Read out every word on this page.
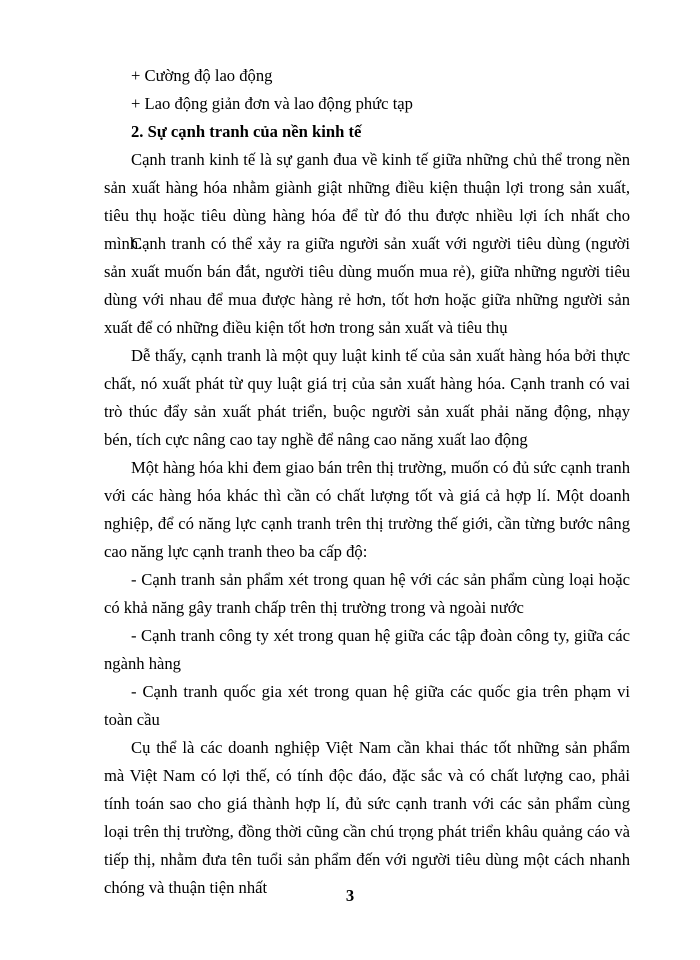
+ Cường độ lao động
+ Lao động giản đơn và lao động phức tạp
2. Sự cạnh tranh của nền kinh tế

Cạnh tranh kinh tế là sự ganh đua về kinh tế giữa những chủ thể trong nền sản xuất hàng hóa nhằm giành giật những điều kiện thuận lợi trong sản xuất, tiêu thụ hoặc tiêu dùng hàng hóa để từ đó thu được nhiều lợi ích nhất cho mình.

Cạnh tranh có thể xảy ra giữa người sản xuất với người tiêu dùng (người sản xuất muốn bán đắt, người tiêu dùng muốn mua rẻ), giữa những người tiêu dùng với nhau để mua được hàng rẻ hơn, tốt hơn hoặc giữa những người sản xuất để có những điều kiện tốt hơn trong sản xuất và tiêu thụ

Dễ thấy, cạnh tranh là một quy luật kinh tế của sản xuất hàng hóa bởi thực chất, nó xuất phát từ quy luật giá trị của sản xuất hàng hóa. Cạnh tranh có vai trò thúc đẩy sản xuất phát triển, buộc người sản xuất phải năng động, nhạy bén, tích cực nâng cao tay nghề để nâng cao năng xuất lao động

Một hàng hóa khi đem giao bán trên thị trường, muốn có đủ sức cạnh tranh với các hàng hóa khác thì cần có chất lượng tốt và giá cả hợp lí. Một doanh nghiệp, để có năng lực cạnh tranh trên thị trường thế giới, cần từng bước nâng cao năng lực cạnh tranh theo ba cấp độ:

- Cạnh tranh sản phẩm xét trong quan hệ với các sản phẩm cùng loại hoặc có khả năng gây tranh chấp trên thị trường trong và ngoài nước

- Cạnh tranh công ty xét trong quan hệ giữa các tập đoàn công ty, giữa các ngành hàng

- Cạnh tranh quốc gia xét trong quan hệ giữa các quốc gia trên phạm vi toàn cầu

Cụ thể là các doanh nghiệp Việt Nam cần khai thác tốt những sản phẩm mà Việt Nam có lợi thế, có tính độc đáo, đặc sắc và có chất lượng cao, phải tính toán sao cho giá thành hợp lí, đủ sức cạnh tranh với các sản phẩm cùng loại trên thị trường, đồng thời cũng cần chú trọng phát triển khâu quảng cáo và tiếp thị, nhằm đưa tên tuổi sản phẩm đến với người tiêu dùng một cách nhanh chóng và thuận tiện nhất	3
